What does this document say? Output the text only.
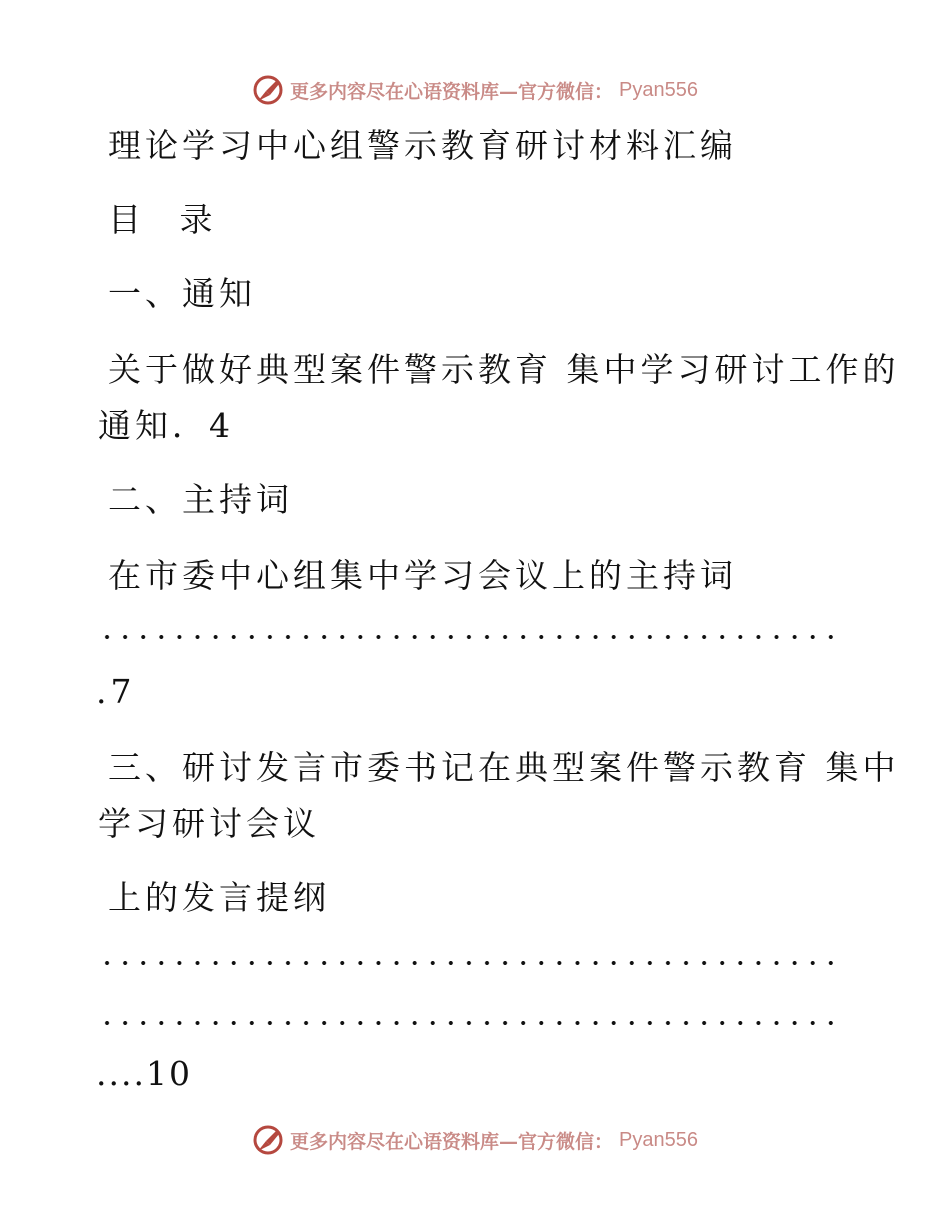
更多内容尽在心语资料库—官方微信： Pyan556
理论学习中心组警示教育研讨材料汇编
目 录
一、通知
关于做好典型案件警示教育 集中学习研讨工作的
通知．4
二、主持词
在市委中心组集中学习会议上的主持词
.7
三、研讨发言市委书记在典型案件警示教育 集中
学习研讨会议
上的发言提纲
....10
更多内容尽在心语资料库—官方微信： Pyan556
